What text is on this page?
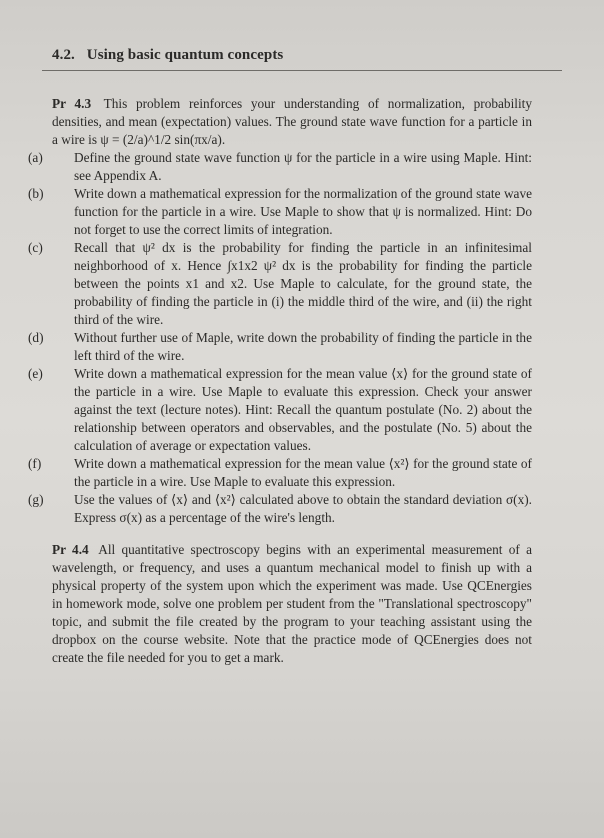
4.2. Using basic quantum concepts

Pr 4.3 This problem reinforces your understanding of normalization, probability densities, and mean (expectation) values. The ground state wave function for a particle in a wire is ψ = (2/a)^1/2 sin(πx/a).

(a) Define the ground state wave function ψ for the particle in a wire using Maple. Hint: see Appendix A.
(b) Write down a mathematical expression for the normalization of the ground state wave function for the particle in a wire. Use Maple to show that ψ is normalized. Hint: Do not forget to use the correct limits of integration.
(c) Recall that ψ² dx is the probability for finding the particle in an infinitesimal neighborhood of x. Hence ∫x1x2 ψ² dx is the probability for finding the particle between the points x1 and x2. Use Maple to calculate, for the ground state, the probability of finding the particle in (i) the middle third of the wire, and (ii) the right third of the wire.
(d) Without further use of Maple, write down the probability of finding the particle in the left third of the wire.
(e) Write down a mathematical expression for the mean value ⟨x⟩ for the ground state of the particle in a wire. Use Maple to evaluate this expression. Check your answer against the text (lecture notes). Hint: Recall the quantum postulate (No. 2) about the relationship between operators and observables, and the postulate (No. 5) about the calculation of average or expectation values.
(f) Write down a mathematical expression for the mean value ⟨x²⟩ for the ground state of the particle in a wire. Use Maple to evaluate this expression.
(g) Use the values of ⟨x⟩ and ⟨x²⟩ calculated above to obtain the standard deviation σ(x). Express σ(x) as a percentage of the wire's length.

Pr 4.4 All quantitative spectroscopy begins with an experimental measurement of a wavelength, or frequency, and uses a quantum mechanical model to finish up with a physical property of the system upon which the experiment was made. Use QCEnergies in homework mode, solve one problem per student from the "Translational spectroscopy" topic, and submit the file created by the program to your teaching assistant using the dropbox on the course website. Note that the practice mode of QCEnergies does not create the file needed for you to get a mark.
